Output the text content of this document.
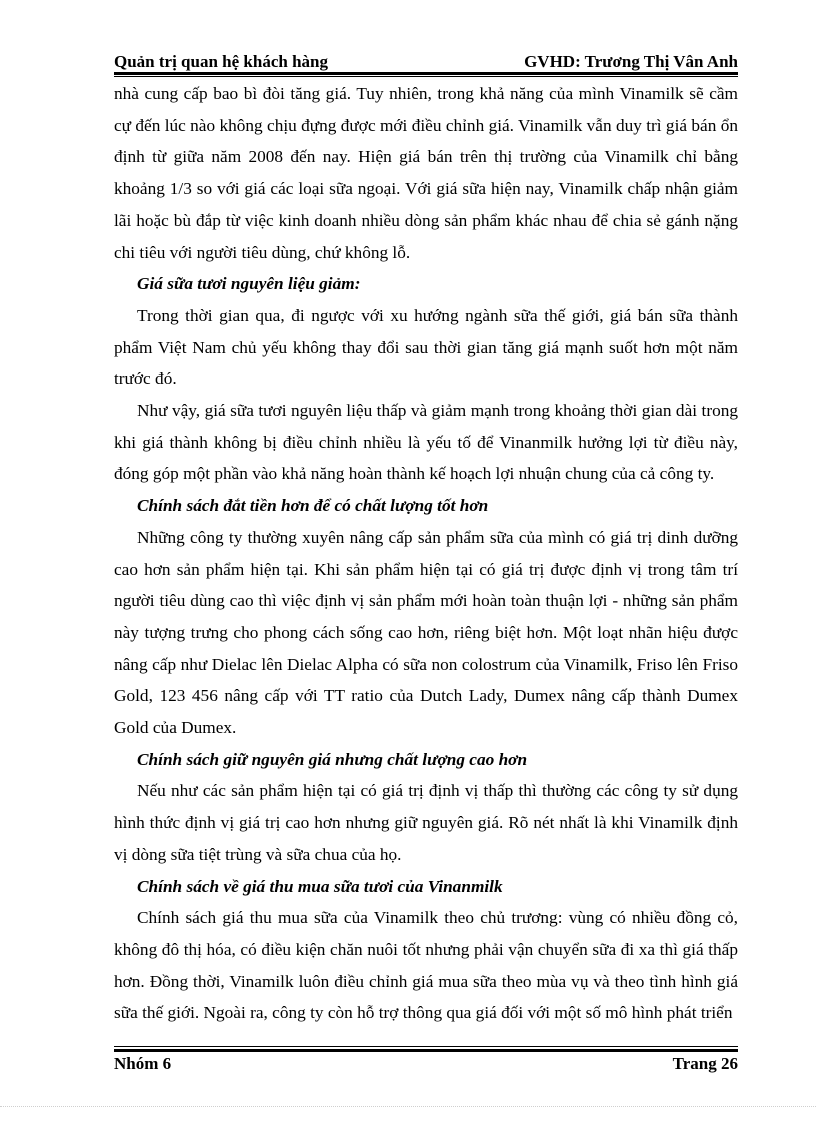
Quản trị quan hệ khách hàng	GVHD: Trương Thị Vân Anh

nhà cung cấp bao bì đòi tăng giá. Tuy nhiên, trong khả năng của mình Vinamilk sẽ cầm cự đến lúc nào không chịu đựng được mới điều chỉnh giá. Vinamilk vẫn duy trì giá bán ổn định từ giữa năm 2008 đến nay. Hiện giá bán trên thị trường của Vinamilk chỉ bằng khoảng 1/3 so với giá các loại sữa ngoại. Với giá sữa hiện nay, Vinamilk chấp nhận giảm lãi hoặc bù đắp từ việc kinh doanh nhiều dòng sản phẩm khác nhau để chia sẻ gánh nặng chi tiêu với người tiêu dùng, chứ không lỗ.

Giá sữa tươi nguyên liệu giảm:

Trong thời gian qua, đi ngược với xu hướng ngành sữa thế giới, giá bán sữa thành phẩm Việt Nam chủ yếu không thay đổi sau thời gian tăng giá mạnh suốt hơn một năm trước đó.

Như vậy, giá sữa tươi nguyên liệu thấp và giảm mạnh trong khoảng thời gian dài trong khi giá thành không bị điều chỉnh nhiều là yếu tố để Vinanmilk hưởng lợi từ điều này, đóng góp một phần vào khả năng hoàn thành kế hoạch lợi nhuận chung của cả công ty.

Chính sách đắt tiền hơn để có chất lượng tốt hơn

Những công ty thường xuyên nâng cấp sản phẩm sữa của mình có giá trị dinh dưỡng cao hơn sản phẩm hiện tại. Khi sản phẩm hiện tại có giá trị được định vị trong tâm trí người tiêu dùng cao thì việc định vị sản phẩm mới hoàn toàn thuận lợi - những sản phẩm này tượng trưng cho phong cách sống cao hơn, riêng biệt hơn. Một loạt nhãn hiệu được nâng cấp như Dielac lên Dielac Alpha có sữa non colostrum của Vinamilk, Friso lên Friso Gold, 123 456 nâng cấp với TT ratio của Dutch Lady, Dumex nâng cấp thành Dumex Gold của Dumex.

Chính sách giữ nguyên giá nhưng chất lượng cao hơn

Nếu như các sản phẩm hiện tại có giá trị định vị thấp thì thường các công ty sử dụng hình thức định vị giá trị cao hơn nhưng giữ nguyên giá. Rõ nét nhất là khi Vinamilk định vị dòng sữa tiệt trùng và sữa chua của họ.

Chính sách về giá thu mua sữa tươi của Vinanmilk

Chính sách giá thu mua sữa của Vinamilk theo chủ trương: vùng có nhiều đồng cỏ, không đô thị hóa, có điều kiện chăn nuôi tốt nhưng phải vận chuyển sữa đi xa thì giá thấp hơn. Đồng thời, Vinamilk luôn điều chỉnh giá mua sữa theo mùa vụ và theo tình hình giá sữa thế giới. Ngoài ra, công ty còn hỗ trợ thông qua giá đối với một số mô hình phát triển

Nhóm 6	Trang 26
